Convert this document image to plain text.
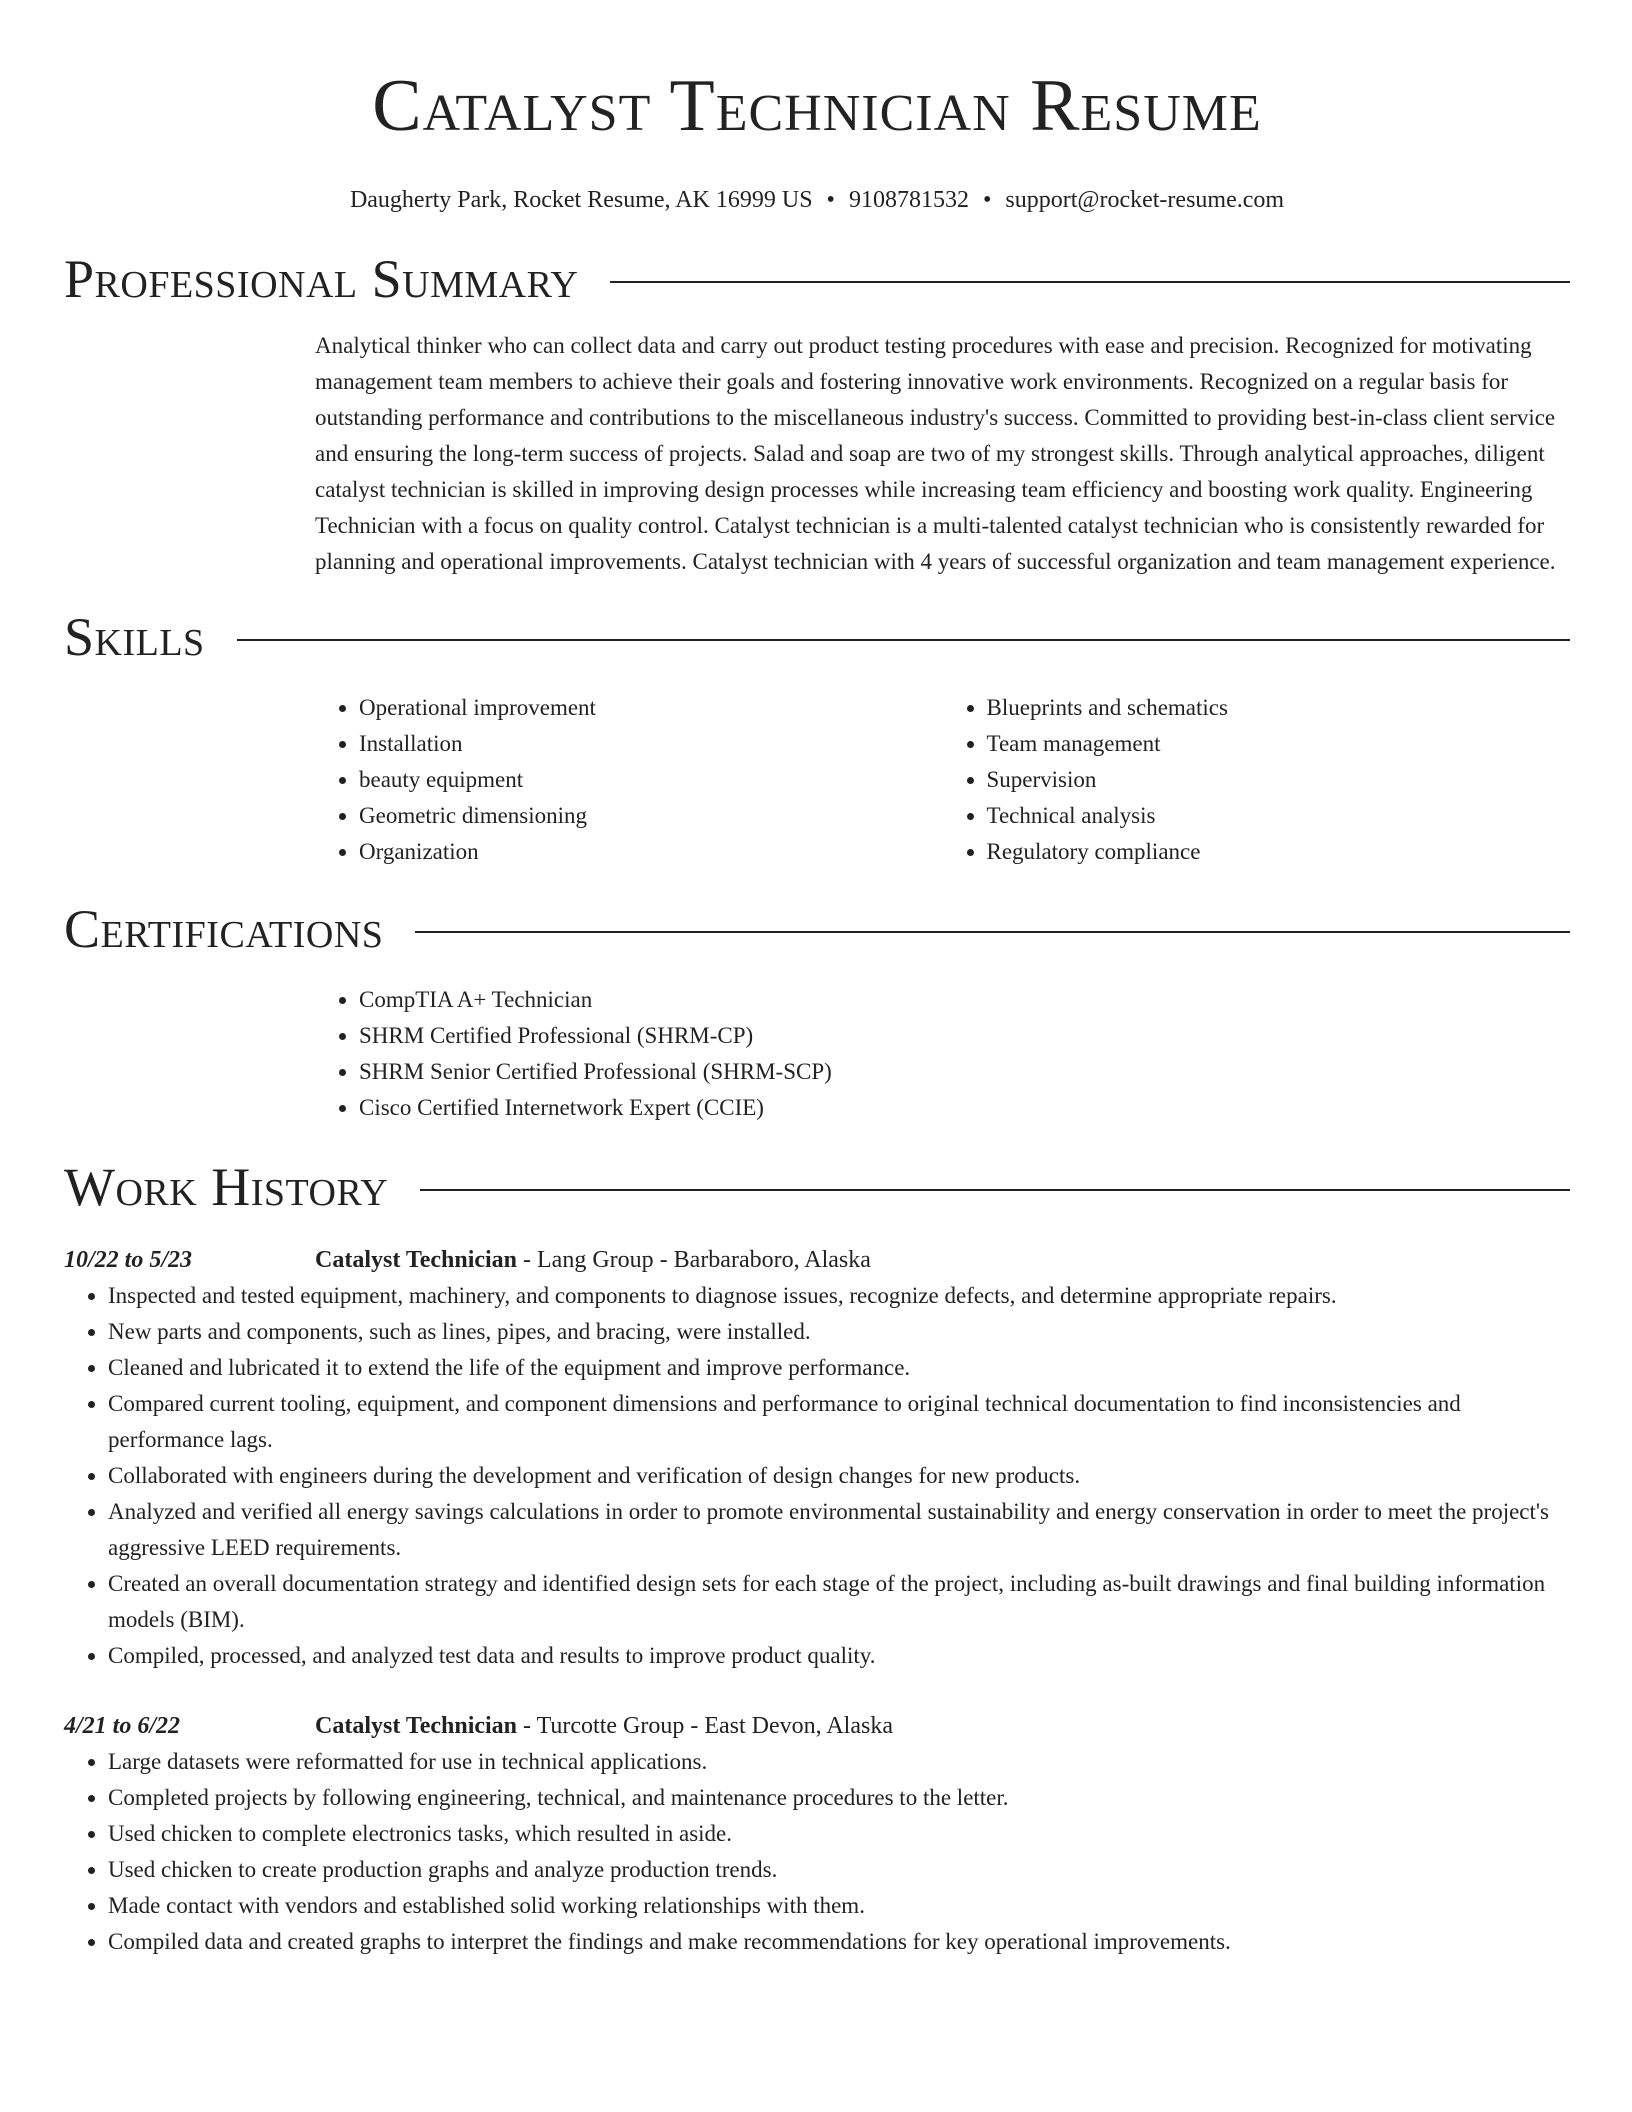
Catalyst Technician Resume
Daugherty Park, Rocket Resume, AK 16999 US • 9108781532 • support@rocket-resume.com
Professional Summary

Analytical thinker who can collect data and carry out product testing procedures with ease and precision. Recognized for motivating management team members to achieve their goals and fostering innovative work environments. Recognized on a regular basis for outstanding performance and contributions to the miscellaneous industry's success. Committed to providing best-in-class client service and ensuring the long-term success of projects. Salad and soap are two of my strongest skills. Through analytical approaches, diligent catalyst technician is skilled in improving design processes while increasing team efficiency and boosting work quality. Engineering Technician with a focus on quality control. Catalyst technician is a multi-talented catalyst technician who is consistently rewarded for planning and operational improvements. Catalyst technician with 4 years of successful organization and team management experience.

Skills
• Operational improvement
• Installation
• beauty equipment
• Geometric dimensioning
• Organization
• Blueprints and schematics
• Team management
• Supervision
• Technical analysis
• Regulatory compliance
Certifications
• CompTIA A+ Technician
• SHRM Certified Professional (SHRM-CP)
• SHRM Senior Certified Professional (SHRM-SCP)
• Cisco Certified Internetwork Expert (CCIE)
Work History
10/22 to 5/23	Catalyst Technician - Lang Group - Barbaraboro, Alaska
• Inspected and tested equipment, machinery, and components to diagnose issues, recognize defects, and determine appropriate repairs.
• New parts and components, such as lines, pipes, and bracing, were installed.
• Cleaned and lubricated it to extend the life of the equipment and improve performance.
• Compared current tooling, equipment, and component dimensions and performance to original technical documentation to find inconsistencies and performance lags.
• Collaborated with engineers during the development and verification of design changes for new products.
• Analyzed and verified all energy savings calculations in order to promote environmental sustainability and energy conservation in order to meet the project's aggressive LEED requirements.
• Created an overall documentation strategy and identified design sets for each stage of the project, including as-built drawings and final building information models (BIM).
• Compiled, processed, and analyzed test data and results to improve product quality.
4/21 to 6/22	Catalyst Technician - Turcotte Group - East Devon, Alaska
• Large datasets were reformatted for use in technical applications.
• Completed projects by following engineering, technical, and maintenance procedures to the letter.
• Used chicken to complete electronics tasks, which resulted in aside.
• Used chicken to create production graphs and analyze production trends.
• Made contact with vendors and established solid working relationships with them.
• Compiled data and created graphs to interpret the findings and make recommendations for key operational improvements.
